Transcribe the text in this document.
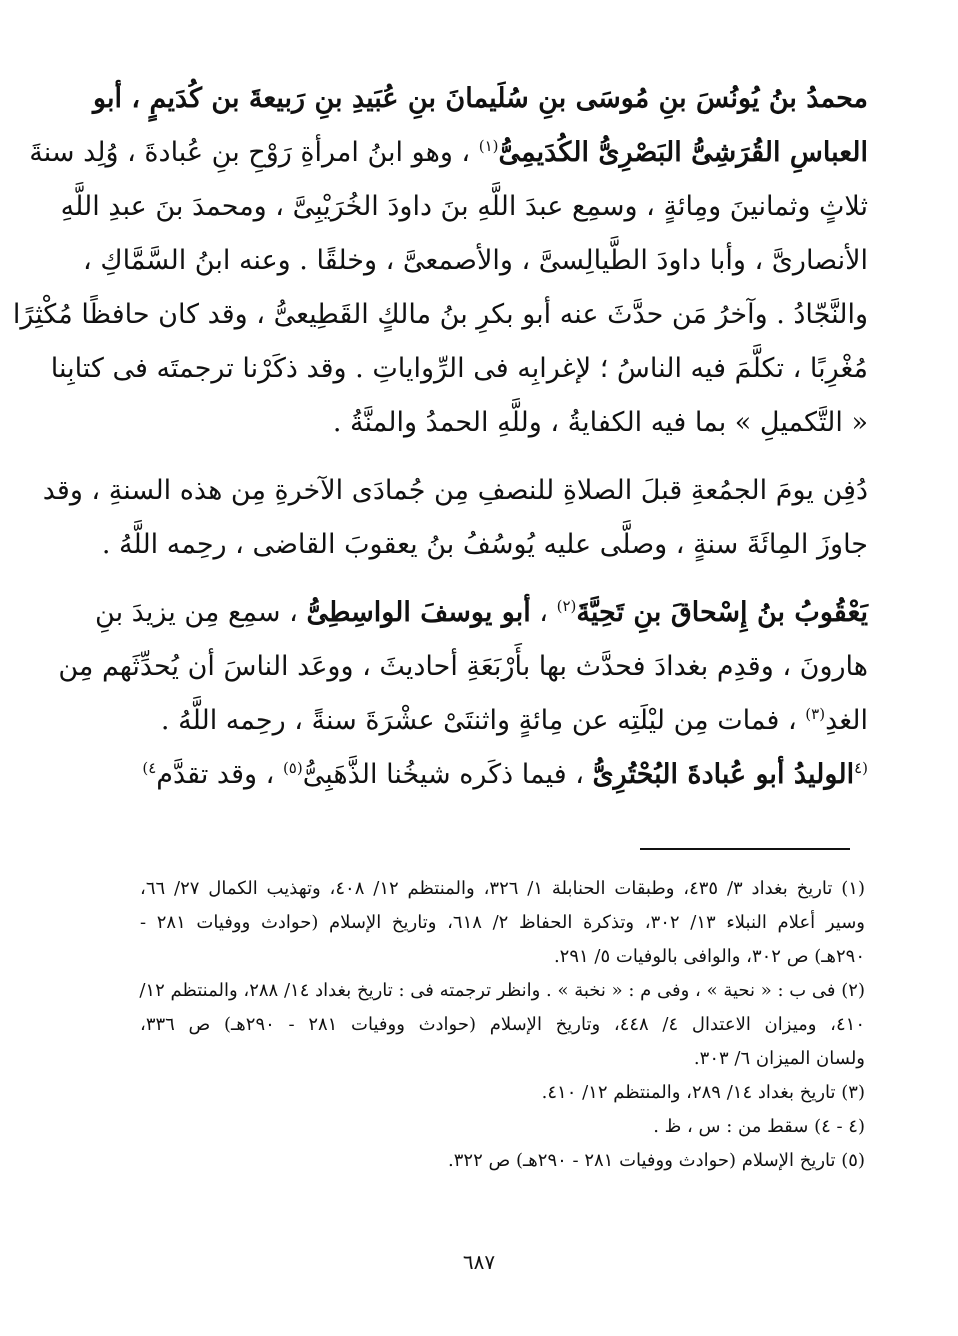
محمدُ بنُ يُونُسَ بنِ مُوسَى بنِ سُلَيمانَ بنِ عُبَيدِ بنِ رَبيعةَ بن كُدَيمٍ ، أبو
العباسِ القُرَشِىُّ البَصْرِىُّ الكُدَيمِىُّ$^{(١)}$ ، وهو ابنُ امرأةِ رَوْحِ بنِ عُبادةَ ، وُلِد سنةَ
ثلاثٍ وثمانينَ ومِائةٍ ، وسمِع عبدَ اللَّهِ بنَ داودَ الخُرَيْبِىَّ ، ومحمدَ بنَ عبدِ اللَّهِ
الأنصارىَّ ، وأبا داودَ الطَّيالِسىَّ ، والأصمعىَّ ، وخلقًا . وعنه ابنُ السَّمَّاكِ ،
والنَّجّادُ . وآخرُ مَن حدَّثَ عنه أبو بكرِ بنُ مالكٍ القَطِيعىُّ ، وقد كان حافظًا مُكْثِرًا
مُغْرِبًا ، تكلَّمَ فيه الناسُ ؛ لإغرابِه فى الرِّواياتِ . وقد ذكَرْنا ترجمتَه فى كتابِنا
« التَّكميلِ » بما فيه الكفايةُ ، وللَّهِ الحمدُ والمنَّةُ .
دُفِن يومَ الجمُعةِ قبلَ الصلاةِ للنصفِ مِن جُمادَى الآخرةِ مِن هذه السنةِ ، وقد
جاوزَ المِائَةَ سنةٍ ، وصلَّى عليه يُوسُفُ بنُ يعقوبَ القاضى ، رحِمه اللَّهُ .
يَعْقُوبُ بنُ إِسْحاقَ بنِ تَحِيَّةَ$^{(٢)}$ ، أبو يوسفَ الواسِطِىُّ ، سمِع مِن يزيدَ بنِ
هارونَ ، وقدِم بغدادَ فحدَّث بها بأَرْبَعَةِ أحاديثَ ، ووعَد الناسَ أن يُحدِّثَهم مِن
الغدِ$^{(٣)}$ ، فمات مِن ليْلَتِه عن مِائةٍ واثنتَىْ عشْرَةَ سنةً ، رحِمه اللَّهُ .
$^{(٤}$الوليدُ أبو عُبادةَ البُحْتُرِىُّ ، فيما ذكَره شيخُنا الذَّهَبِىُّ$^{(٥)}$ ، وقد تقدَّم$^{٤)}$
(١) تاريخ بغداد ٣/ ٤٣٥، وطبقات الحنابلة ١/ ٣٢٦، والمنتظم ١٢/ ٤٠٨، وتهذيب الكمال ٢٧/ ٦٦،
وسير أعلام النبلاء ١٣/ ٣٠٢، وتذكرة الحفاظ ٢/ ٦١٨، وتاريخ الإسلام (حوادث ووفيات ٢٨١ -
٢٩٠هـ) ص ٣٠٢، والوافى بالوفيات ٥/ ٢٩١.
(٢) فى ب : « نحية » ، وفى م : « نخبة » . وانظر ترجمته فى : تاريخ بغداد ١٤/ ٢٨٨، والمنتظم ١٢/
٤١٠، وميزان الاعتدال ٤/ ٤٤٨، وتاريخ الإسلام (حوادث ووفيات ٢٨١ - ٢٩٠هـ) ص ٣٣٦،
ولسان الميزان ٦/ ٣٠٣.
(٣) تاريخ بغداد ١٤/ ٢٨٩، والمنتظم ١٢/ ٤١٠.
(٤ - ٤) سقط من : س ، ظ .
(٥) تاريخ الإسلام (حوادث ووفيات ٢٨١ - ٢٩٠هـ) ص ٣٢٢.
٦٨٧
